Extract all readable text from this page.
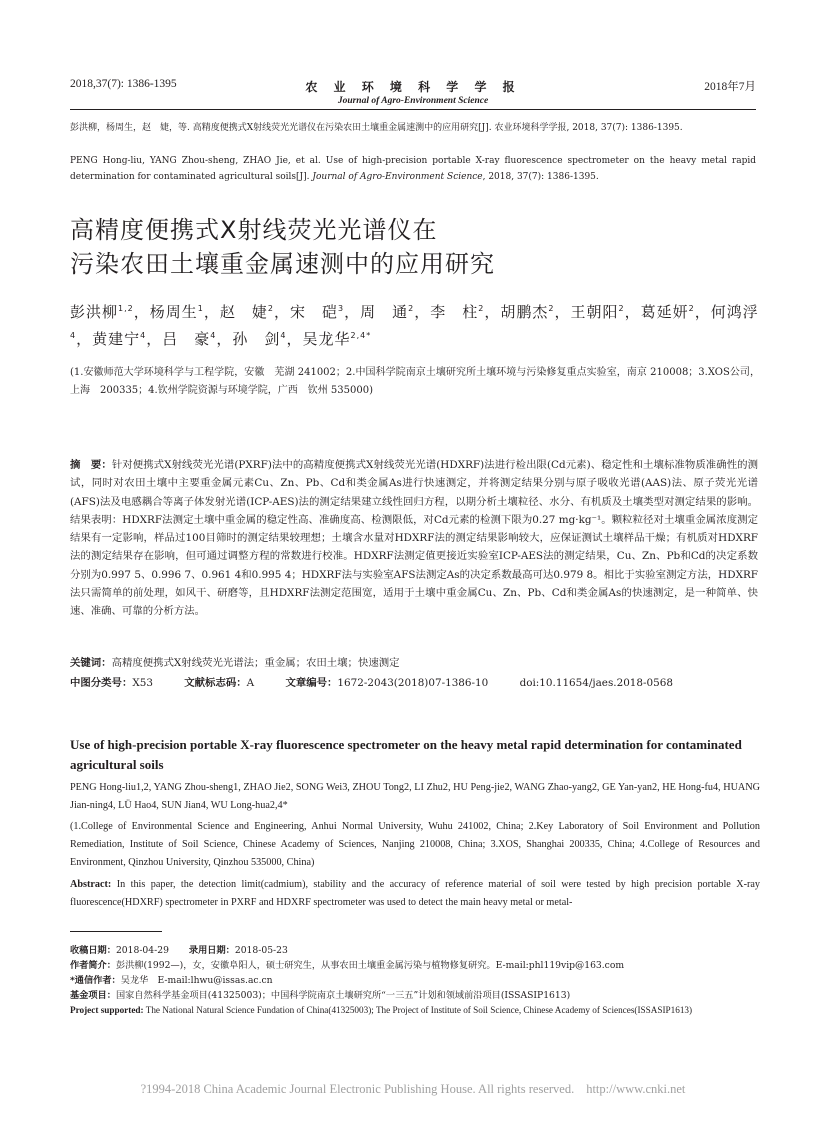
2018,37(7): 1386-1395	农 业 环 境 科 学 学 报
Journal of Agro-Environment Science
2018年7月
彭洪柳，杨周生，赵　婕，等. 高精度便携式X射线荧光光谱仪在污染农田土壤重金属速测中的应用研究[J]. 农业环境科学学报, 2018, 37(7): 1386-1395.
PENG Hong-liu, YANG Zhou-sheng, ZHAO Jie, et al. Use of high-precision portable X-ray fluorescence spectrometer on the heavy metal rapid determination for contaminated agricultural soils[J]. Journal of Agro-Environment Science, 2018, 37(7): 1386-1395.
高精度便携式X射线荧光光谱仪在
污染农田土壤重金属速测中的应用研究
彭洪柳$^{1,2}$，杨周生$^1$，赵　婕$^2$，宋　硙$^3$，周　通$^2$，李　柱$^2$，胡鹏杰$^2$，王朝阳$^2$，葛延妍$^2$，何鸿浮$^4$，黄建宁$^4$，吕　豪$^4$，孙　剑$^4$，吴龙华$^{2,4*}$
(1.安徽师范大学环境科学与工程学院，安徽　芜湖 241002；2.中国科学院南京土壤研究所土壤环境与污染修复重点实验室，南京 210008；3.XOS公司，上海　200335；4.钦州学院资源与环境学院，广西　钦州 535000)
摘　要：针对便携式X射线荧光光谱(PXRF)法中的高精度便携式X射线荧光光谱(HDXRF)法进行检出限(Cd元素)、稳定性和土壤标准物质准确性的测试，同时对农田土壤中主要重金属元素Cu、Zn、Pb、Cd和类金属As进行快速测定，并将测定结果分别与原子吸收光谱(AAS)法、原子荧光光谱(AFS)法及电感耦合等离子体发射光谱(ICP-AES)法的测定结果建立线性回归方程，以期分析土壤粒径、水分、有机质及土壤类型对测定结果的影响。结果表明：HDXRF法测定土壤中重金属的稳定性高、准确度高、检测限低，对Cd元素的检测下限为0.27 mg·kg⁻¹。颗粒粒径对土壤重金属浓度测定结果有一定影响，样品过100目筛时的测定结果较理想；土壤含水量对HDXRF法的测定结果影响较大，应保证测试土壤样品干燥；有机质对HDXRF法的测定结果存在影响，但可通过调整方程的常数进行校准。HDXRF法测定值更接近实验室ICP-AES法的测定结果，Cu、Zn、Pb和Cd的决定系数分别为0.997 5、0.996 7、0.961 4和0.995 4；HDXRF法与实验室AFS法测定As的决定系数最高可达0.979 8。相比于实验室测定方法，HDXRF法只需简单的前处理，如风干、研磨等，且HDXRF法测定范围宽，适用于土壤中重金属Cu、Zn、Pb、Cd和类金属As的快速测定，是一种简单、快速、准确、可靠的分析方法。
关键词：高精度便携式X射线荧光光谱法；重金属；农田土壤；快速测定
中图分类号：X53	文献标志码：A	文章编号：1672-2043(2018)07-1386-10	doi:10.11654/jaes.2018-0568
Use of high-precision portable X-ray fluorescence spectrometer on the heavy metal rapid determination for contaminated agricultural soils
PENG Hong-liu1,2, YANG Zhou-sheng1, ZHAO Jie2, SONG Wei3, ZHOU Tong2, LI Zhu2, HU Peng-jie2, WANG Zhao-yang2, GE Yan-yan2, HE Hong-fu4, HUANG Jian-ning4, LÜ Hao4, SUN Jian4, WU Long-hua2,4*
(1.College of Environmental Science and Engineering, Anhui Normal University, Wuhu 241002, China; 2.Key Laboratory of Soil Environment and Pollution Remediation, Institute of Soil Science, Chinese Academy of Sciences, Nanjing 210008, China; 3.XOS, Shanghai 200335, China; 4.College of Resources and Environment, Qinzhou University, Qinzhou 535000, China)
Abstract: In this paper, the detection limit(cadmium), stability and the accuracy of reference material of soil were tested by high precision portable X-ray fluorescence(HDXRF) spectrometer in PXRF and HDXRF spectrometer was used to detect the main heavy metal or metal-
收稿日期：2018-04-29 录用日期：2018-05-23
作者简介：彭洪柳(1992—)，女，安徽阜阳人，硕士研究生，从事农田土壤重金属污染与植物修复研究。E-mail:phl119vip@163.com
*通信作者：吴龙华　E-mail:lhwu@issas.ac.cn
基金项目：国家自然科学基金项目(41325003)；中国科学院南京土壤研究所“一三五”计划和领域前沿项目(ISSASIP1613)
Project supported: The National Natural Science Fundation of China(41325003); The Project of Institute of Soil Science, Chinese Academy of Sciences(ISSASIP1613)
?1994-2018 China Academic Journal Electronic Publishing House. All rights reserved. http://www.cnki.net
